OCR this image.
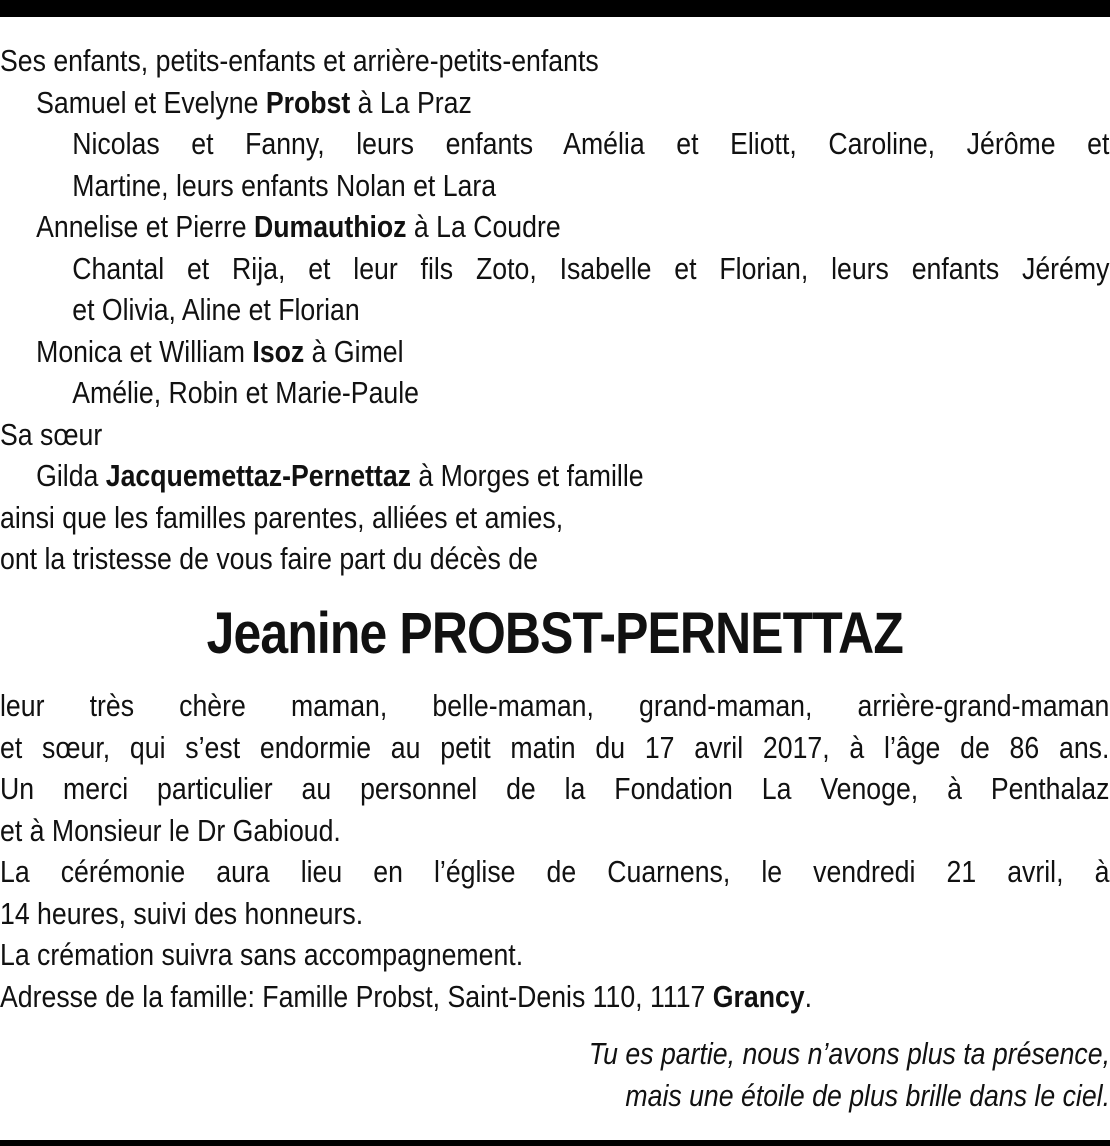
Ses enfants, petits-enfants et arrière-petits-enfants
Samuel et Evelyne Probst à La Praz
Nicolas et Fanny, leurs enfants Amélia et Eliott, Caroline, Jérôme et
Martine, leurs enfants Nolan et Lara
Annelise et Pierre Dumauthioz à La Coudre
Chantal et Rija, et leur fils Zoto, Isabelle et Florian, leurs enfants Jérémy
et Olivia, Aline et Florian
Monica et William Isoz à Gimel
Amélie, Robin et Marie-Paule
Sa sœur
Gilda Jacquemettaz-Pernettaz à Morges et famille
ainsi que les familles parentes, alliées et amies,
ont la tristesse de vous faire part du décès de
Jeanine PROBST-PERNETTAZ
leur très chère maman, belle-maman, grand-maman, arrière-grand-maman
et sœur, qui s’est endormie au petit matin du 17 avril 2017, à l’âge de 86 ans.
Un merci particulier au personnel de la Fondation La Venoge, à Penthalaz
et à Monsieur le Dr Gabioud.
La cérémonie aura lieu en l’église de Cuarnens, le vendredi 21 avril, à
14 heures, suivi des honneurs.
La crémation suivra sans accompagnement.
Adresse de la famille: Famille Probst, Saint-Denis 110, 1117 Grancy.
Tu es partie, nous n’avons plus ta présence,
mais une étoile de plus brille dans le ciel.
